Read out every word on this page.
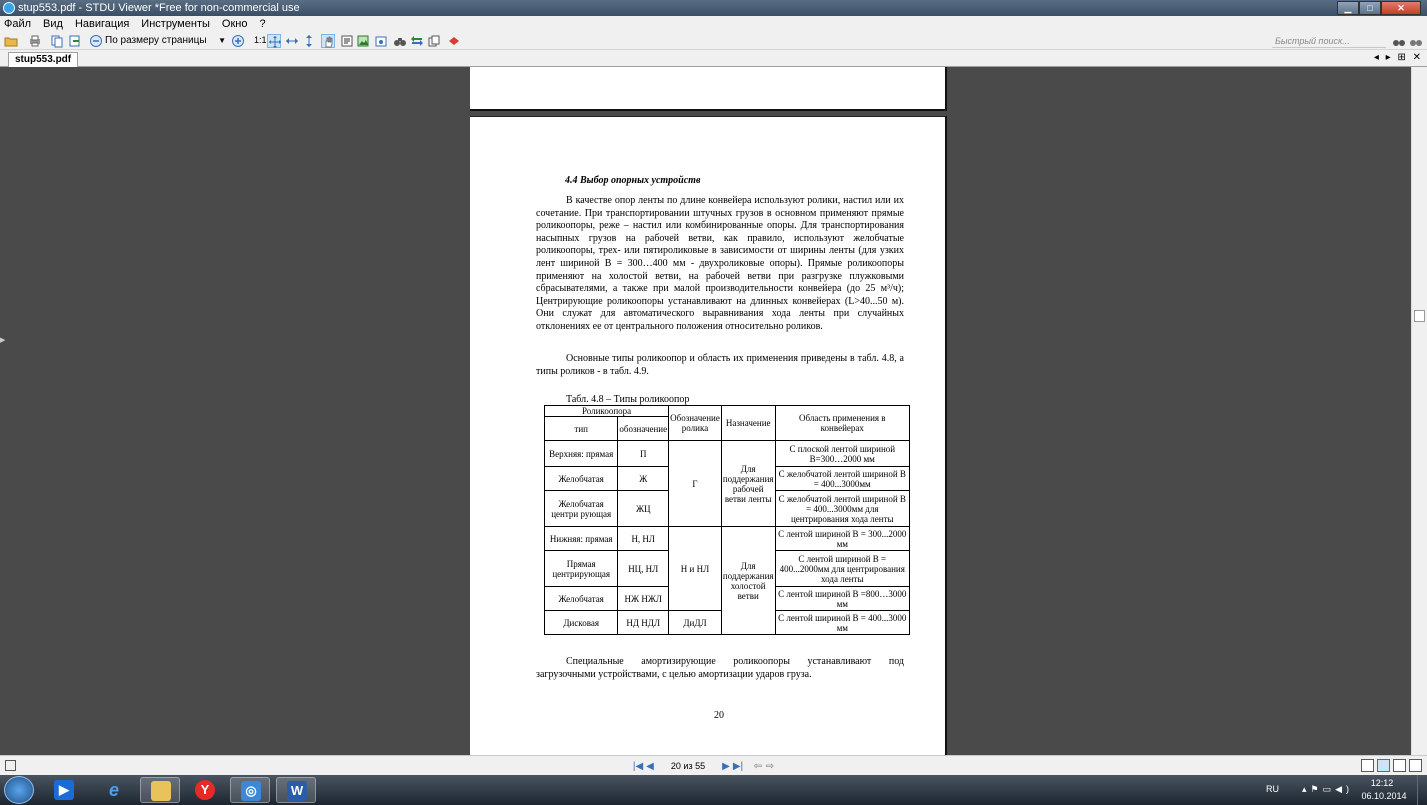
stup553.pdf - STDU Viewer *Free for non-commercial use	▁	□	✕
Файл Вид Навигация Инструменты Окно ?
По размеру страницы ▼	1:1	Быстрый поиск...
stup553.pdf	◂ ▸ ⊞ ✕
4.4 Выбор опорных устройств
В качестве опор ленты по длине конвейера используют ролики, настил или их сочетание. При транспортировании штучных грузов в основном применяют прямые роликоопоры, реже – настил или комбинированные опоры. Для транспортирования насыпных грузов на рабочей ветви, как правило, используют желобчатые роликоопоры, трех- или пятироликовые в зависимости от ширины ленты (для узких лент шириной B = 300…400 мм - двухроликовые опоры). Прямые роликоопоры применяют на холостой ветви, на рабочей ветви при разгрузке плужковыми сбрасывателями, а также при малой производительности конвейера (до 25 м³/ч); Центрирующие роликоопоры устанавливают на длинных конвейерах (L>40...50 м). Они служат для автоматического выравнивания хода ленты при случайных отклонениях ее от центрального положения относительно роликов.
Основные типы роликоопор и область их применения приведены в табл. 4.8, а типы роликов - в табл. 4.9.
Табл. 4.8 – Типы роликоопор
Роликоопора		Обозначение ролика	Назначение	Область применения в конвейерах
тип	обозначение			
Верхняя: прямая	П	Г	Для поддержания рабочей ветви ленты	С плоской лентой шириной В=300…2000 мм
Желобчатая	Ж			С желобчатой лентой шириной В = 400...3000мм
Желобчатая центри рующая	ЖЦ			С желобчатой лентой шириной В = 400...3000мм для центрирования хода ленты
Нижняя: прямая	Н, НЛ	Н и НЛ	Для поддержания холостой ветви	С лентой шириной В = 300...2000 мм
Прямая центрирующая	НЦ, НЛ			С лентой шириной В = 400...2000мм для центрирования хода ленты
Желобчатая	НЖ НЖЛ			С лентой шириной В =800…3000 мм
Дисковая	НД НДЛ	ДиДЛ		С лентой шириной В = 400...3000 мм
Специальные амортизирующие роликоопоры устанавливают под загрузочными устройствами, с целью амортизации ударов груза.
20
▶
|◀ ◀	20 из 55 ▶ ▶| ⇦ ⇨
▶ e	Y	◎	W	RU	▴⚑▭◀)
12:12
06.10.2014
